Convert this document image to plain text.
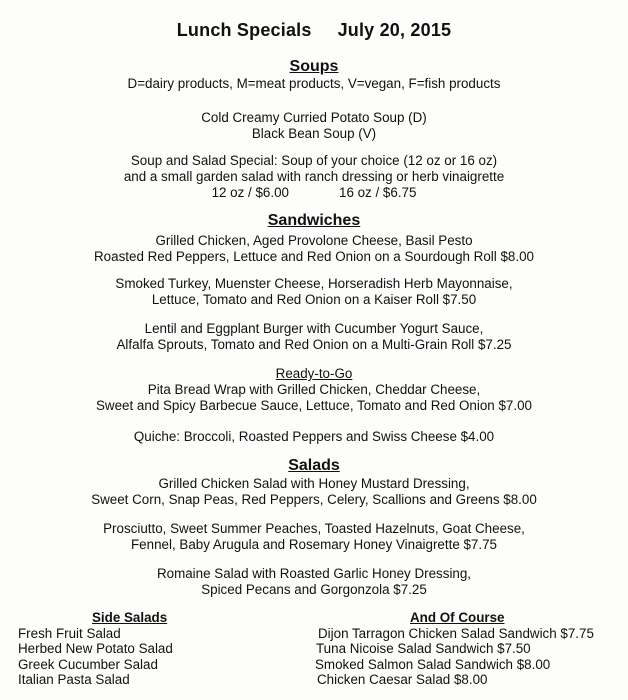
Lunch Specials July 20, 2015
Soups
D=dairy products, M=meat products, V=vegan, F=fish products
Cold Creamy Curried Potato Soup (D)
Black Bean Soup (V)
Soup and Salad Special: Soup of your choice (12 oz or 16 oz)
and a small garden salad with ranch dressing or herb vinaigrette
12 oz / $6.00	16 oz / $6.75
Sandwiches
Grilled Chicken, Aged Provolone Cheese, Basil Pesto
Roasted Red Peppers, Lettuce and Red Onion on a Sourdough Roll $8.00
Smoked Turkey, Muenster Cheese, Horseradish Herb Mayonnaise,
Lettuce, Tomato and Red Onion on a Kaiser Roll $7.50
Lentil and Eggplant Burger with Cucumber Yogurt Sauce,
Alfalfa Sprouts, Tomato and Red Onion on a Multi-Grain Roll $7.25
Ready-to-Go
Pita Bread Wrap with Grilled Chicken, Cheddar Cheese,
Sweet and Spicy Barbecue Sauce, Lettuce, Tomato and Red Onion $7.00
Quiche: Broccoli, Roasted Peppers and Swiss Cheese $4.00
Salads
Grilled Chicken Salad with Honey Mustard Dressing,
Sweet Corn, Snap Peas, Red Peppers, Celery, Scallions and Greens $8.00
Prosciutto, Sweet Summer Peaches, Toasted Hazelnuts, Goat Cheese,
Fennel, Baby Arugula and Rosemary Honey Vinaigrette $7.75
Romaine Salad with Roasted Garlic Honey Dressing,
Spiced Pecans and Gorgonzola $7.25
Side Salads
Fresh Fruit Salad
Herbed New Potato Salad
Greek Cucumber Salad
Italian Pasta Salad
And Of Course
Dijon Tarragon Chicken Salad Sandwich $7.75
Tuna Nicoise Salad Sandwich $7.50
Smoked Salmon Salad Sandwich $8.00
Chicken Caesar Salad $8.00
